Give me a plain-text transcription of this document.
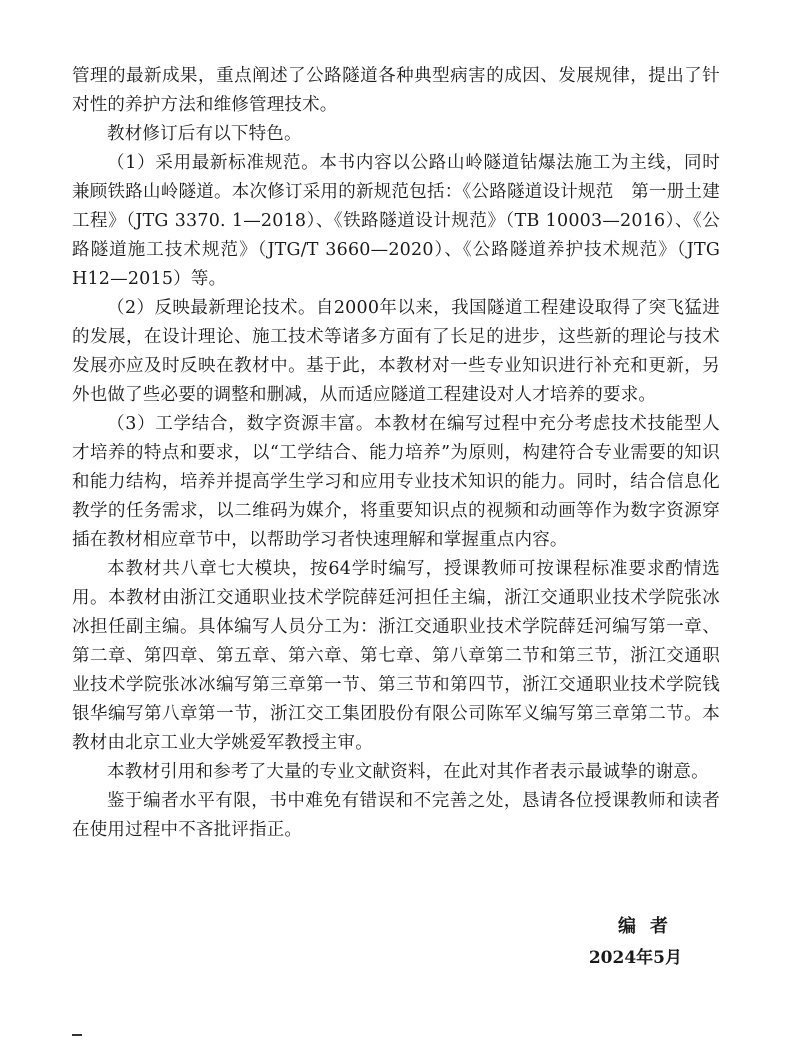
管理的最新成果，重点阐述了公路隧道各种典型病害的成因、发展规律，提出了针对性的养护方法和维修管理技术。

教材修订后有以下特色。

（1）采用最新标准规范。本书内容以公路山岭隧道钻爆法施工为主线，同时兼顾铁路山岭隧道。本次修订采用的新规范包括：《公路隧道设计规范　第一册土建工程》（JTG 3370. 1—2018）、《铁路隧道设计规范》（TB 10003—2016）、《公路隧道施工技术规范》（JTG/T 3660—2020）、《公路隧道养护技术规范》（JTG H12—2015）等。

（2）反映最新理论技术。自2000年以来，我国隧道工程建设取得了突飞猛进的发展，在设计理论、施工技术等诸多方面有了长足的进步，这些新的理论与技术发展亦应及时反映在教材中。基于此，本教材对一些专业知识进行补充和更新，另外也做了些必要的调整和删减，从而适应隧道工程建设对人才培养的要求。

（3）工学结合，数字资源丰富。本教材在编写过程中充分考虑技术技能型人才培养的特点和要求，以“工学结合、能力培养”为原则，构建符合专业需要的知识和能力结构，培养并提高学生学习和应用专业技术知识的能力。同时，结合信息化教学的任务需求，以二维码为媒介，将重要知识点的视频和动画等作为数字资源穿插在教材相应章节中，以帮助学习者快速理解和掌握重点内容。

本教材共八章七大模块，按64学时编写，授课教师可按课程标准要求酌情选用。本教材由浙江交通职业技术学院薛廷河担任主编，浙江交通职业技术学院张冰冰担任副主编。具体编写人员分工为：浙江交通职业技术学院薛廷河编写第一章、第二章、第四章、第五章、第六章、第七章、第八章第二节和第三节，浙江交通职业技术学院张冰冰编写第三章第一节、第三节和第四节，浙江交通职业技术学院钱银华编写第八章第一节，浙江交工集团股份有限公司陈军义编写第三章第二节。本教材由北京工业大学姚爱军教授主审。

本教材引用和参考了大量的专业文献资料，在此对其作者表示最诚挚的谢意。

鉴于编者水平有限，书中难免有错误和不完善之处，恳请各位授课教师和读者在使用过程中不吝批评指正。

编者
2024年5月
